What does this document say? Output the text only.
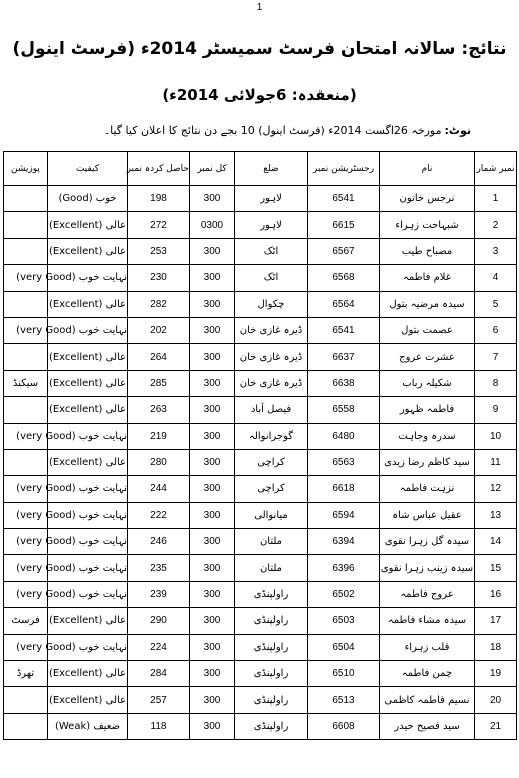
1
نتائج: سالانہ امتحان فرسٹ سمیسٹر 2014ء (فرسٹ اینول)
(منعقدہ: 6جولائی 2014ء)
نوٹ:مورخہ 26اگست 2014ء (فرسٹ اینول) 10 بجے دن نتائج کا اعلان کیا گیا۔
نمبر شمار	نام	رجسٹریشن نمبر	ضلع	کل نمبر	حاصل کردہ نمبر	کیفیت	پوزیشن
1	نرجس خاتون	6541	لاہور	300	198	خوب (Good)	
2	شبہاحت زہراء	6615	لاہور	0300	272	عالی (Excellent)	
3	مصباح طیب	6567	اٹک	300	253	عالی (Excellent)	
4	غلام فاطمہ	6568	اٹک	300	230	نہایت خوب (very Good)	
5	سیدہ مرضیہ بتول	6564	چکوال	300	282	عالی (Excellent)	
6	عصمت بتول	6541	ڈیرہ غازی خان	300	202	نہایت خوب (very Good)	
7	عشرت عروج	6637	ڈیرہ غازی خان	300	264	عالی (Excellent)	
8	شکیلہ رباب	6638	ڈیرہ غازی خان	300	285	عالی (Excellent)	سیکنڈ
9	فاطمہ ظہور	6558	فیصل آباد	300	263	عالی (Excellent)	
10	سدرہ وجاہت	6480	گوجرانوالہ	300	219	نہایت خوب (very Good)	
11	سید کاظم رضا زیدی	6563	کراچی	300	280	عالی (Excellent)	
12	نزہت فاطمہ	6618	کراچی	300	244	نہایت خوب (very Good)	
13	عقیل عباس شاہ	6594	میانوالی	300	222	نہایت خوب (very Good)	
14	سیدہ گل زہرا نقوی	6394	ملتان	300	246	نہایت خوب (very Good)	
15	سیدہ زینب زہرا نقوی	6396	ملتان	300	235	نہایت خوب (very Good)	
16	عروج فاطمہ	6502	راولپنڈی	300	239	نہایت خوب (very Good)	
17	سیدہ مشاء فاطمہ	6503	راولپنڈی	300	290	عالی (Excellent)	فرسٹ
18	قلب زہراء	6504	راولپنڈی	300	224	نہایت خوب (very Good)	
19	چمن فاطمہ	6510	راولپنڈی	300	284	عالی (Excellent)	تھرڈ
20	نسیم فاطمہ کاظمی	6513	راولپنڈی	300	257	عالی (Excellent)	
21	سید فصیح حیدر	6608	راولپنڈی	300	118	ضعیف (Weak)	
